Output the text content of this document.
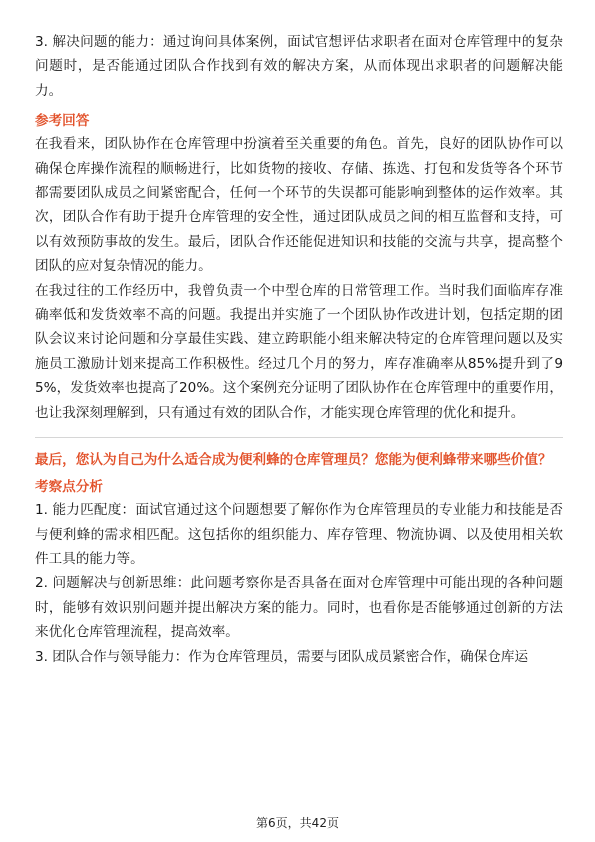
3. 解决问题的能力：通过询问具体案例，面试官想评估求职者在面对仓库管理中的复杂问题时，是否能通过团队合作找到有效的解决方案，从而体现出求职者的问题解决能力。

参考回答

在我看来，团队协作在仓库管理中扮演着至关重要的角色。首先，良好的团队协作可以确保仓库操作流程的顺畅进行，比如货物的接收、存储、拣选、打包和发货等各个环节都需要团队成员之间紧密配合，任何一个环节的失误都可能影响到整体的运作效率。其次，团队合作有助于提升仓库管理的安全性，通过团队成员之间的相互监督和支持，可以有效预防事故的发生。最后，团队合作还能促进知识和技能的交流与共享，提高整个团队的应对复杂情况的能力。

在我过往的工作经历中，我曾负责一个中型仓库的日常管理工作。当时我们面临库存准确率低和发货效率不高的问题。我提出并实施了一个团队协作改进计划，包括定期的团队会议来讨论问题和分享最佳实践、建立跨职能小组来解决特定的仓库管理问题以及实施员工激励计划来提高工作积极性。经过几个月的努力，库存准确率从85%提升到了95%，发货效率也提高了20%。这个案例充分证明了团队协作在仓库管理中的重要作用，也让我深刻理解到，只有通过有效的团队合作，才能实现仓库管理的优化和提升。

最后，您认为自己为什么适合成为便利蜂的仓库管理员？您能为便利蜂带来哪些价值？
考察点分析

1. 能力匹配度：面试官通过这个问题想要了解你作为仓库管理员的专业能力和技能是否与便利蜂的需求相匹配。这包括你的组织能力、库存管理、物流协调、以及使用相关软件工具的能力等。

2. 问题解决与创新思维：此问题考察你是否具备在面对仓库管理中可能出现的各种问题时，能够有效识别问题并提出解决方案的能力。同时，也看你是否能够通过创新的方法来优化仓库管理流程，提高效率。

3. 团队合作与领导能力：作为仓库管理员，需要与团队成员紧密合作，确保仓库运

第6页，共42页
